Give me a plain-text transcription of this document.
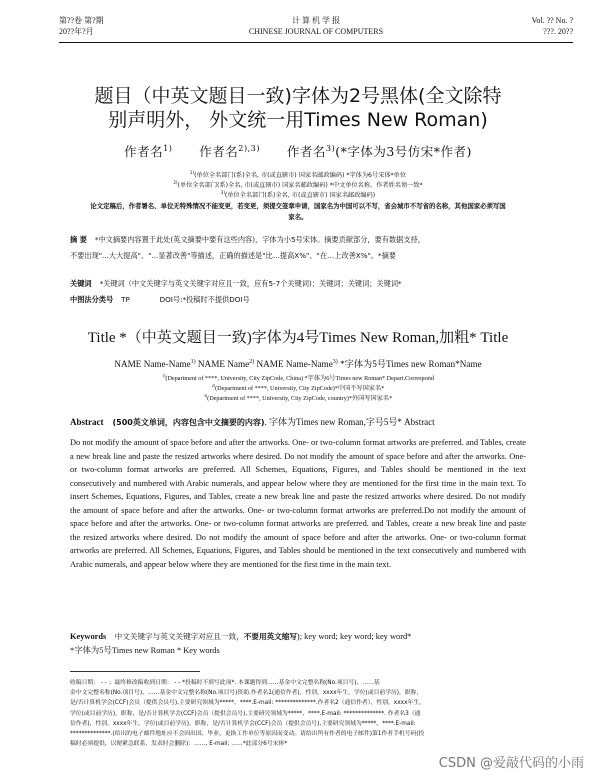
第??卷 第?期
20??年?月
计 算 机 学 报
CHINESE JOURNAL OF COMPUTERS
Vol. ?? No. ?
???. 20??
题目（中英文题目一致)字体为2号黑体(全文除特
别声明外， 外文统一用Times New Roman)
作者名$^{1)}$ 作者名$^{2),3)}$ 作者名$^{3)}$(*字体为3号仿宋*作者)
$^{1)}$(单位全名部门(系)全名, 市(或直辖市) 国家名邮政编码) *字体为6号宋体*单位
$^{2)}$(单位全名部门(系)全名, 市(或直辖市) 国家名邮政编码) *中文单位名称、作者姓名须一致*
$^{3)}$(单位全名部门(系)全名, 市(或直辖市) 国家名邮政编码)
论文定稿后，作者署名、单位无特殊情况不能变更，若变更，须提交签章申请，国家名为中国可以不写，省会城市不写省的名称，其他国家必须写国
家名。
摘 要 *中文摘要内容置于此处(英文摘要中要有这些内容)，字体为小5号宋体。摘要贡献部分，要有数据支持，
不要出现"...大大提高"、"...显著改善"等描述，正确的描述是"比…提高X%"、"在…上改善X%"。*摘要
关键词 *关键词（中文关键字与英文关键字对应且一致，应有5-7个关键词)；关键词；关键词；关键词*
中图法分类号 TP	DOI号:*投稿时不提供DOI号
Title *（中英文题目一致)字体为4号Times New Roman,加粗* Title
NAME Name-Name$^{1)}$ NAME Name$^{2)}$ NAME Name-Name$^{3)}$ *字体为5号Times new Roman*Name
$^{1)}$(Department of ****, University, City ZipCode, China) *字体为6号Times new Roman* Depart.Correspond
$^{2)}$(Department of ****, University, City ZipCode)*中国不写国家名*
$^{3)}$(Department of ****, University, City ZipCode, country)*外国写国家名*
Abstract (500英文单词，内容包含中文摘要的内容). 字体为Times new Roman,字号5号* Abstract
Do not modify the amount of space before and after the artworks. One- or two-column format artworks are preferred. and Tables, create a new break line and paste the resized artworks where desired. Do not modify the amount of space before and after the artworks. One- or two-column format artworks are preferred. All Schemes, Equations, Figures, and Tables should be mentioned in the text consecutively and numbered with Arabic numerals, and appear below where they are mentioned for the first time in the main text. To insert Schemes, Equations, Figures, and Tables, create a new break line and paste the resized artworks where desired. Do not modify the amount of space before and after the artworks. One- or two-column format artworks are preferred.Do not modify the amount of space before and after the artworks. One- or two-column format artworks are preferred. and Tables, create a new break line and paste the resized artworks where desired. Do not modify the amount of space before and after the artworks. One- or two-column format artworks are preferred. All Schemes, Equations, Figures, and Tables should be mentioned in the text consecutively and numbered with Arabic numerals, and appear below where they are mentioned for the first time in the main text.
Keywords 中文关键字与英文关键字对应且一致，不要用英文缩写); key word; key word; key word*
*字体为5号Times new Roman * Key words
收稿日期： - - ；最终修改稿收到日期： - - *投稿时不填写此项*. 本课题得到……基金中文完整名称(No.项目号)、……基
金中文完整名称(No.项目号)、……基金中文完整名称(No.项目号)资助.作者名1(通信作者)，性别，xxxx年生，学位(或目前学历)，职称，
是/否计算机学会(CCF)会员（提供会员号),主要研究领域为*****、****.E-mail: **************.作者名2（通信作者），性别，xxxx年生，
学位(或目前学历)，职称，是/否计算机学会(CCF)会员（提供会员号),主要研究领域为*****、****.E-mail: **************. 作者名3（通
信作者)，性别，xxxx年生，学位(或目前学历)，职称，是/否计算机学会(CCF)会员（提供会员号),主要研究领域为*****、****.E-mail:
**************.(给出的电子邮件地址应不会因出国、毕业、更换工作单位等原因而变动。请给出所有作者的电子邮件)第1作者手机号码(投
稿时必须提供，以便紧急联系，发表时会删除)：……, E-mail: ……*此部分6号宋体*
CSDN @爱敲代码的小雨
